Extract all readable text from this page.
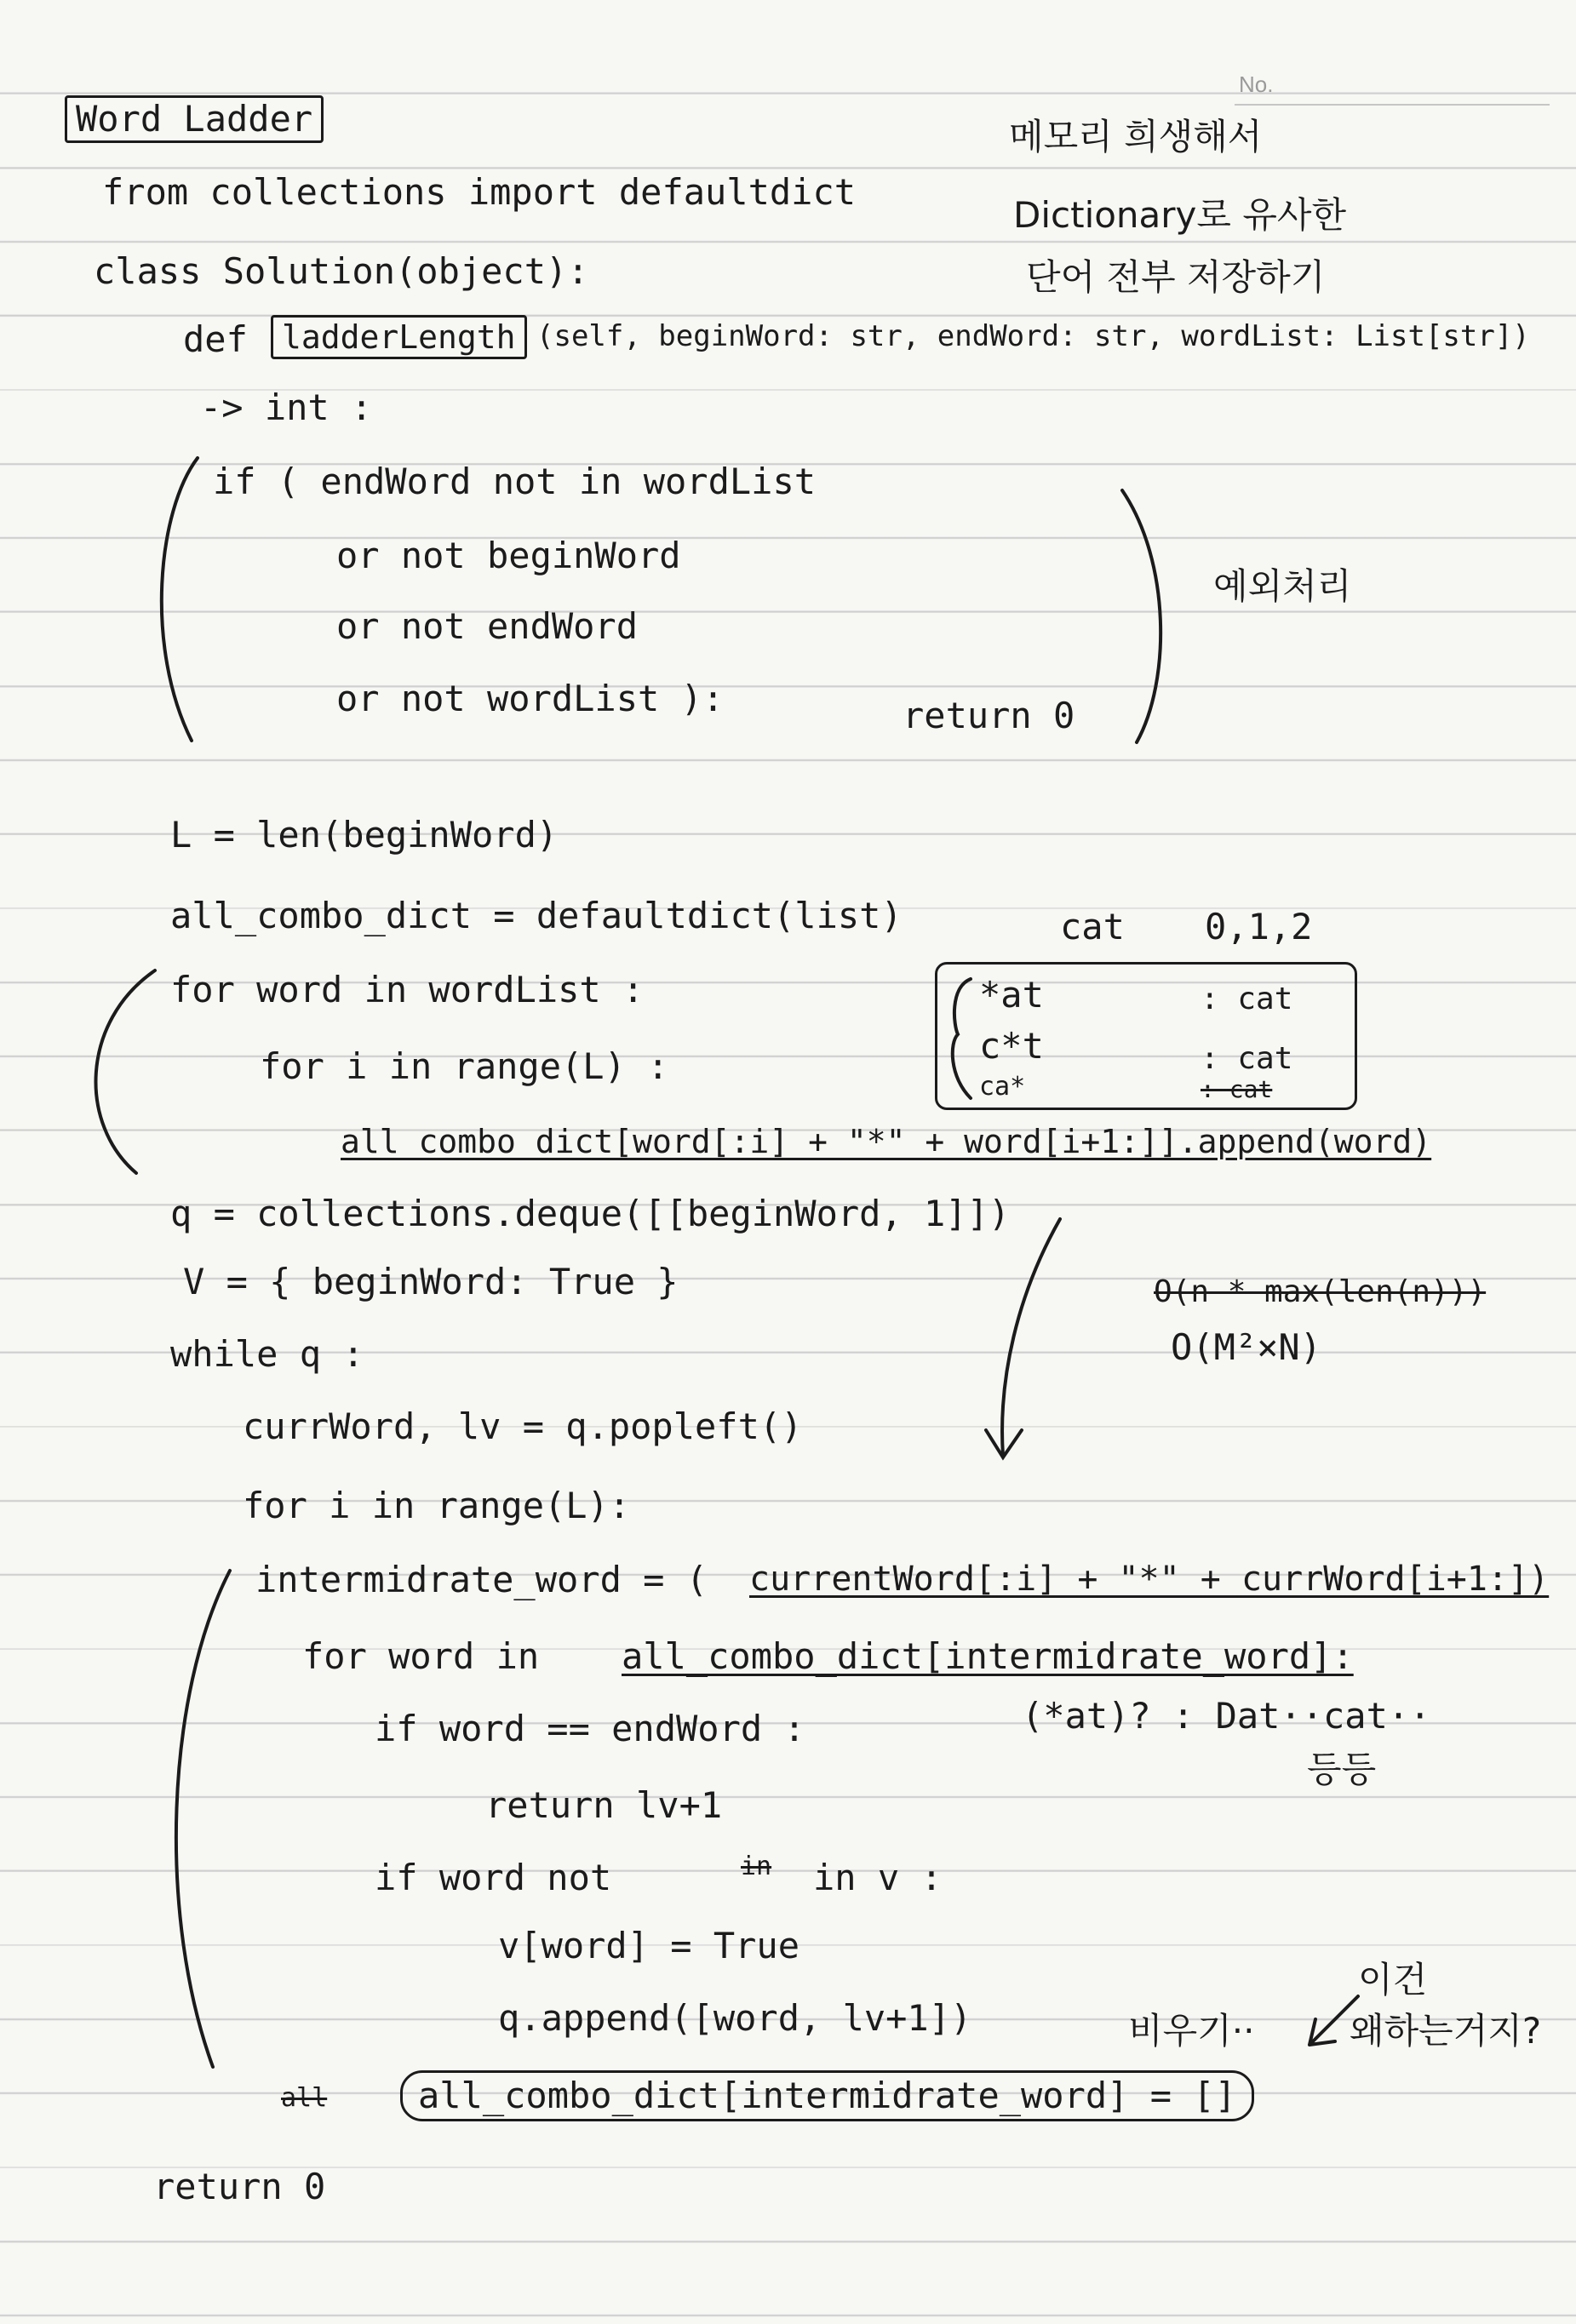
No.
Word Ladder	메모리 희생해서
Dictionary로 유사한
단어 전부 저장하기
from collections import defaultdict
class Solution(object):
def	ladderLength (self, beginWord: str, endWord: str, wordList: List[str])
-> int :
if ( endWord not in wordList
or not beginWord
or not endWord
or not wordList ):	return 0
예외처리
L = len(beginWord)
all_combo_dict = defaultdict(list)	cat 0,1,2
for word in wordList :
for i in range(L) :
all_combo_dict[word[:i] + "*" + word[i+1:]].append(word)
*at	: cat
c*t	: cat
ca*	: cat
q = collections.deque([[beginWord, 1]])
V = { beginWord: True }	O(n * max(len(n)))
O(M²×N)
while q :
currWord, lv = q.popleft()
for i in range(L):
intermidrate_word = ( currentWord[:i] + "*" + currWord[i+1:])
for word in all_combo_dict[intermidrate_word]:
if word == endWord :	(*at)? : Dat··cat··
등등
return lv+1
if word not	in in v :
v[word] = True
q.append([word, lv+1])	비우기··
이건
왜하는거지?
all	all_combo_dict[intermidrate_word] = []
return 0
